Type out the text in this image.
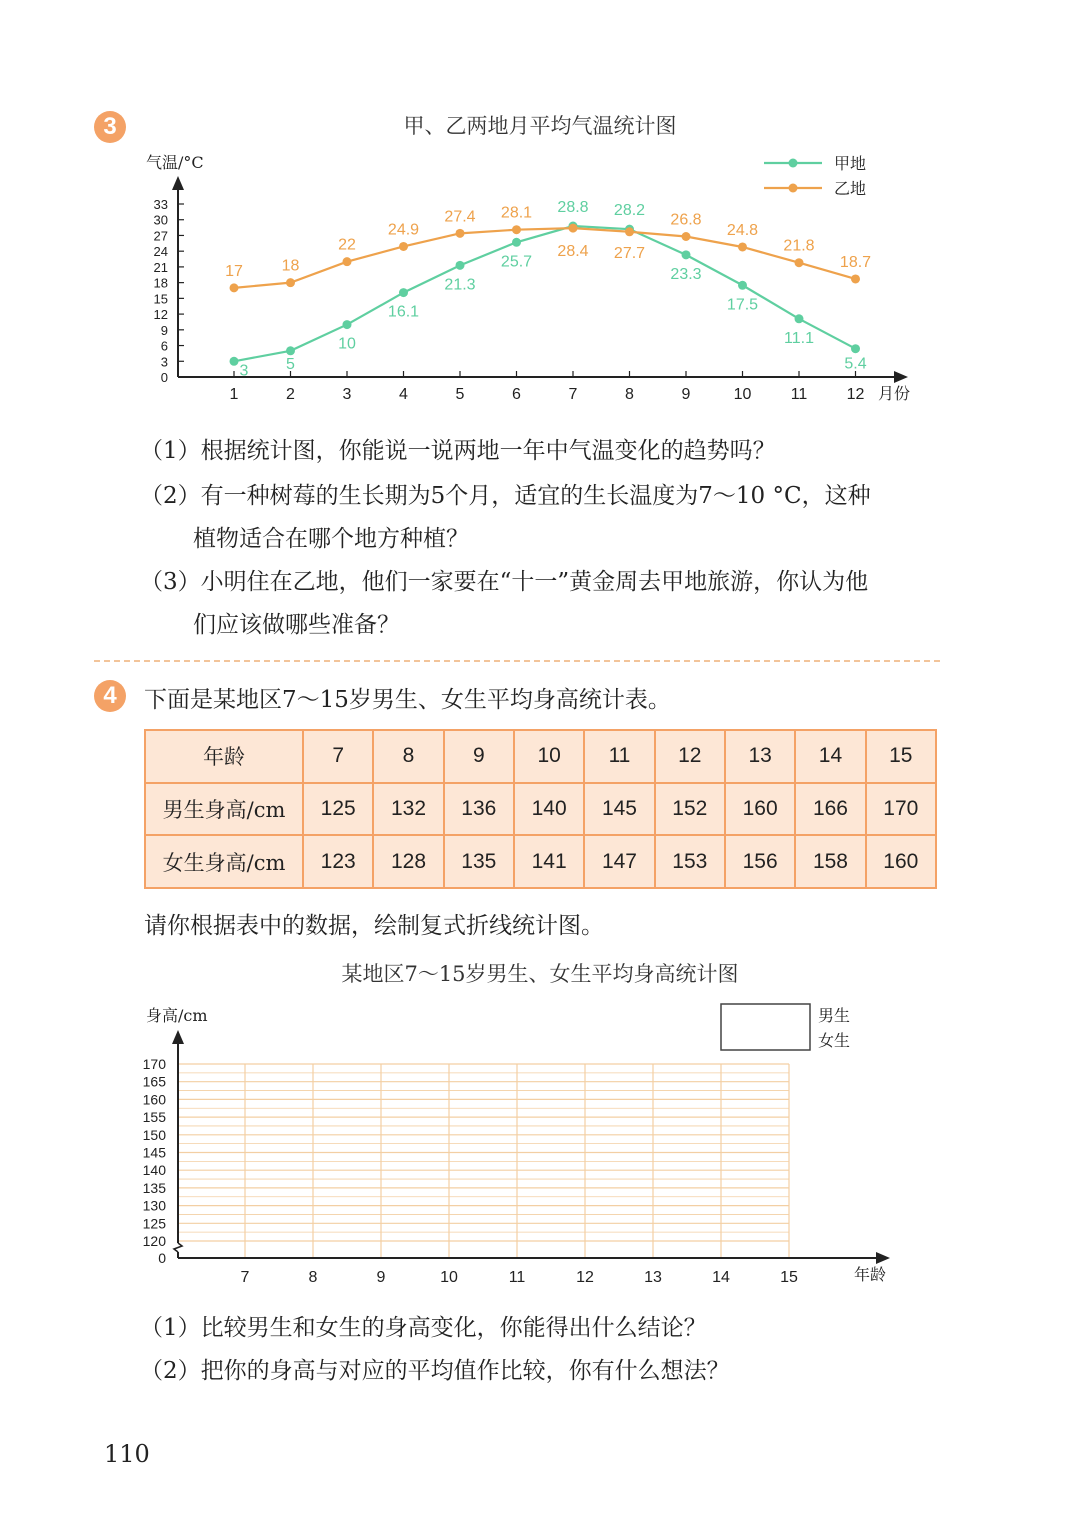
3	甲、乙两地月平均气温统计图
0
3
6
9
12
15
18
21
24
27
30
33
1	2	3	4	5	6	7	8	9	10 11 12
气温/°C
月份
3 5
10
16.1
21.3
25.7
28.8 28.2
23.3
17.5
11.1
5.4
17 18
22
24.9
27.4 28.1
28.4 27.7
26.8
24.8
21.8
18.7
甲地
乙地
（1）根据统计图，你能说一说两地一年中气温变化的趋势吗？
（2）有一种树莓的生长期为5个月，适宜的生长温度为7～10 °C，这种
植物适合在哪个地方种植？
（3）小明住在乙地，他们一家要在“十一”黄金周去甲地旅游，你认为他
们应该做哪些准备？
4	下面是某地区7～15岁男生、女生平均身高统计表。
年龄	7	8	9	10	11	12	13	14	15
男生身高/cm	125	132	136	140	145	152	160	166	170
女生身高/cm	123	128	135	141	147	153	156	158	160
请你根据表中的数据，绘制复式折线统计图。
某地区7～15岁男生、女生平均身高统计图
0
120
125
130
135
140
145
150
155
160
165
170
7	8	9	10	11	12	13	14	15
身高/cm
年龄
男生
女生
（1）比较男生和女生的身高变化，你能得出什么结论？
（2）把你的身高与对应的平均值作比较，你有什么想法？
110
